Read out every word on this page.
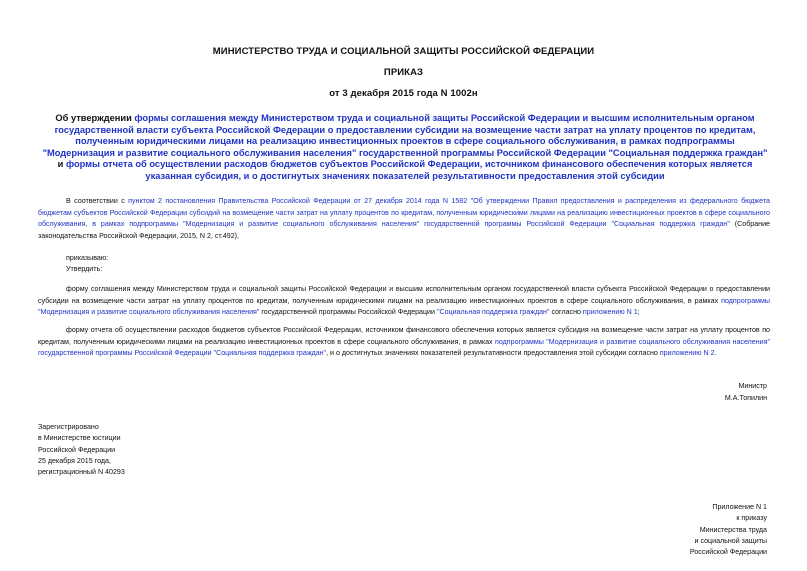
МИНИСТЕРСТВО ТРУДА И СОЦИАЛЬНОЙ ЗАЩИТЫ РОССИЙСКОЙ ФЕДЕРАЦИИ
ПРИКАЗ
от 3 декабря 2015 года N 1002н
Об утверждении формы соглашения между Министерством труда и социальной защиты Российской Федерации и высшим исполнительным органом государственной власти субъекта Российской Федерации о предоставлении субсидии на возмещение части затрат на уплату процентов по кредитам, полученным юридическими лицами на реализацию инвестиционных проектов в сфере социального обслуживания, в рамках подпрограммы "Модернизация и развитие социального обслуживания населения" государственной программы Российской Федерации "Социальная поддержка граждан" и формы отчета об осуществлении расходов бюджетов субъектов Российской Федерации, источником финансового обеспечения которых является указанная субсидия, и о достигнутых значениях показателей результативности предоставления этой субсидии

В соответствии с пунктом 2 постановления Правительства Российской Федерации от 27 декабря 2014 года N 1582 "Об утверждении Правил предоставления и распределения из федерального бюджета бюджетам субъектов Российской Федерации субсидий на возмещение части затрат на уплату процентов по кредитам, полученным юридическими лицами на реализацию инвестиционных проектов в сфере социального обслуживания, в рамках подпрограммы "Модернизация и развитие социального обслуживания населения" государственной программы Российской Федерации "Социальная поддержка граждан" (Собрание законодательства Российской Федерации, 2015, N 2, ст.492),

приказываю:
Утвердить:

форму соглашения между Министерством труда и социальной защиты Российской Федерации и высшим исполнительным органом государственной власти субъекта Российской Федерации о предоставлении субсидии на возмещение части затрат на уплату процентов по кредитам, полученным юридическими лицами на реализацию инвестиционных проектов в сфере социального обслуживания, в рамках подпрограммы "Модернизация и развитие социального обслуживания населения" государственной программы Российской Федерации "Социальная поддержка граждан" согласно приложению N 1;

форму отчета об осуществлении расходов бюджетов субъектов Российской Федерации, источником финансового обеспечения которых является субсидия на возмещение части затрат на уплату процентов по кредитам, полученным юридическими лицами на реализацию инвестиционных проектов в сфере социального обслуживания, в рамках подпрограммы "Модернизация и развитие социального обслуживания населения" государственной программы Российской Федерации "Социальная поддержка граждан", и о достигнутых значениях показателей результативности предоставления этой субсидии согласно приложению N 2.

Министр
М.А.Топилин
Зарегистрировано
в Министерстве юстиции
Российской Федерации
25 декабря 2015 года,
регистрационный N 40293
Приложение N 1
к приказу
Министерства труда
и социальной защиты
Российской Федерации
